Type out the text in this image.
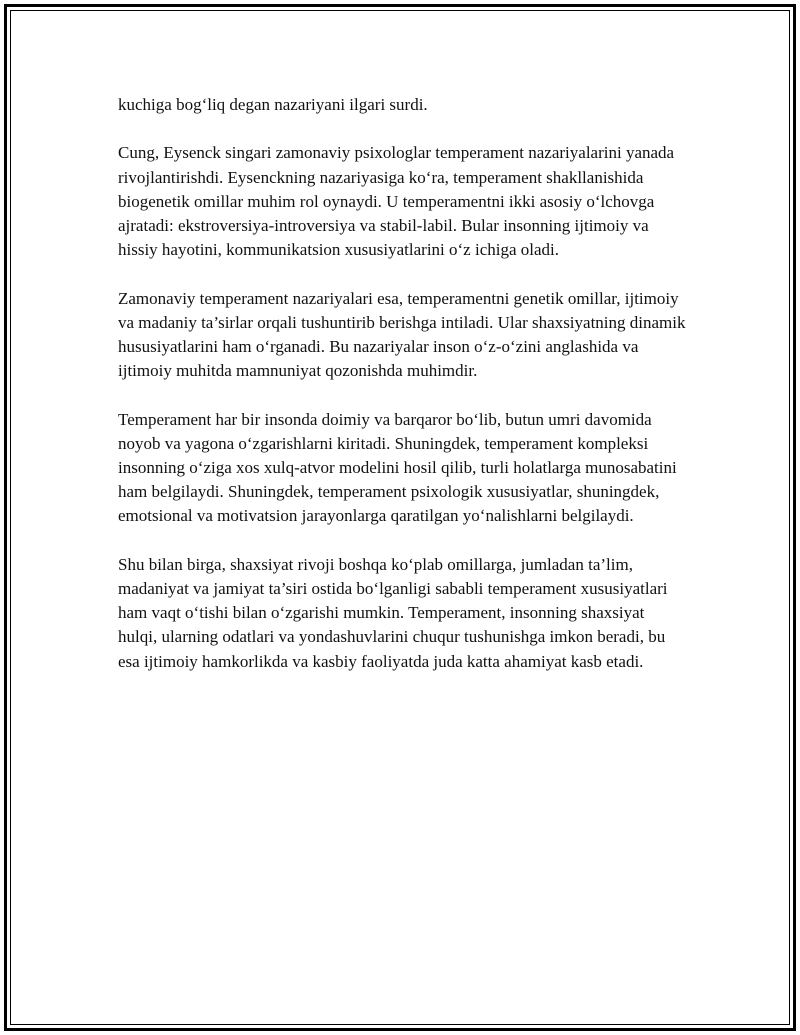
kuchiga bog‘liq degan nazariyani ilgari surdi.

Cung, Eysenck singari zamonaviy psixologlar temperament nazariyalarini yanada rivojlantirishdi. Eysenckning nazariyasiga ko‘ra, temperament shakllanishida biogenetik omillar muhim rol oynaydi. U temperamentni ikki asosiy o‘lchovga ajratadi: ekstroversiya-introversiya va stabil-labil. Bular insonning ijtimoiy va hissiy hayotini, kommunikatsion xususiyatlarini o‘z ichiga oladi.

Zamonaviy temperament nazariyalari esa, temperamentni genetik omillar, ijtimoiy va madaniy ta’sirlar orqali tushuntirib berishga intiladi. Ular shaxsiyatning dinamik hususiyatlarini ham o‘rganadi. Bu nazariyalar inson o‘z-o‘zini anglashida va ijtimoiy muhitda mamnuniyat qozonishda muhimdir.

Temperament har bir insonda doimiy va barqaror bo‘lib, butun umri davomida noyob va yagona o‘zgarishlarni kiritadi. Shuningdek, temperament kompleksi insonning o‘ziga xos xulq-atvor modelini hosil qilib, turli holatlarga munosabatini ham belgilaydi. Shuningdek, temperament psixologik xususiyatlar, shuningdek, emotsional va motivatsion jarayonlarga qaratilgan yo‘nalishlarni belgilaydi.

Shu bilan birga, shaxsiyat rivoji boshqa ko‘plab omillarga, jumladan ta’lim, madaniyat va jamiyat ta’siri ostida bo‘lganligi sababli temperament xususiyatlari ham vaqt o‘tishi bilan o‘zgarishi mumkin. Temperament, insonning shaxsiyat hulqi, ularning odatlari va yondashuvlarini chuqur tushunishga imkon beradi, bu esa ijtimoiy hamkorlikda va kasbiy faoliyatda juda katta ahamiyat kasb etadi.
